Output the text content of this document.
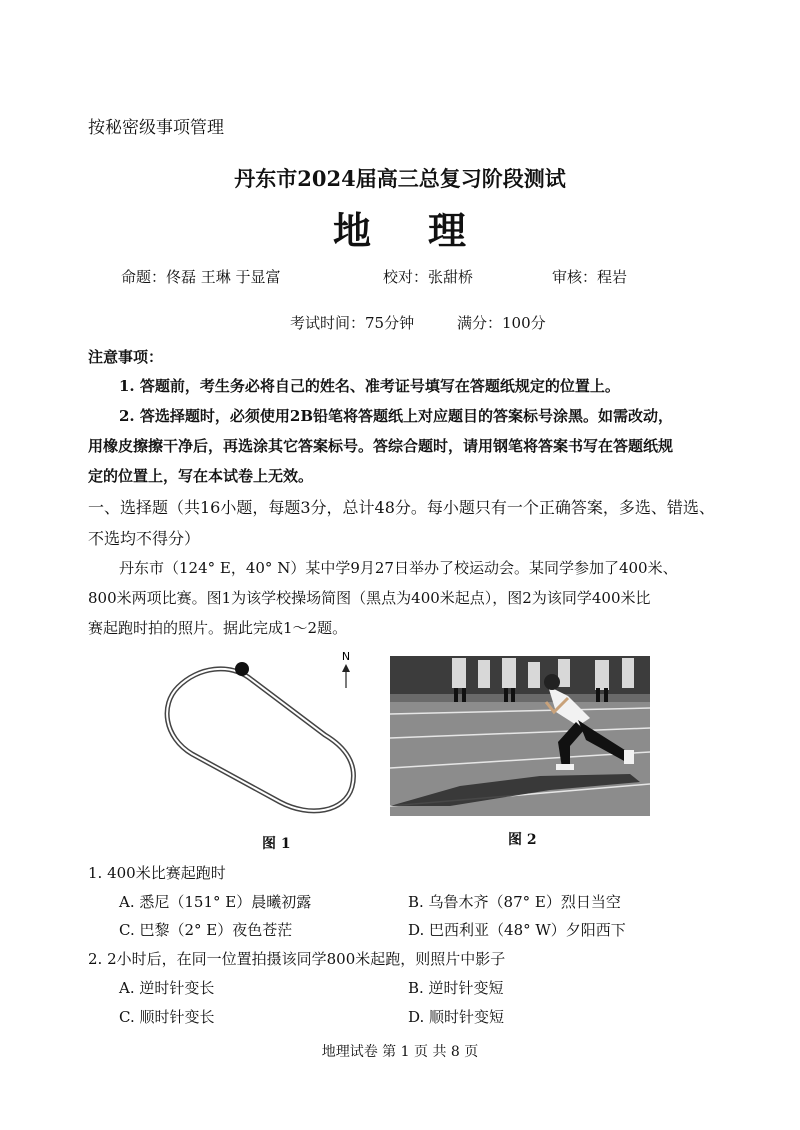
按秘密级事项管理
丹东市2024届高三总复习阶段测试
地 理
命题：佟磊 王琳 于显富	校对：张甜桥	审核：程岩
考试时间：75分钟	满分：100分
注意事项：
1. 答题前，考生务必将自己的姓名、准考证号填写在答题纸规定的位置上。
2. 答选择题时，必须使用2B铅笔将答题纸上对应题目的答案标号涂黑。如需改动，
用橡皮擦擦干净后，再选涂其它答案标号。答综合题时，请用钢笔将答案书写在答题纸规
定的位置上，写在本试卷上无效。
一、选择题（共16小题，每题3分，总计48分。每小题只有一个正确答案，多选、错选、
不选均不得分）
丹东市（124° E，40° N）某中学9月27日举办了校运动会。某同学参加了400米、
800米两项比赛。图1为该学校操场简图（黑点为400米起点），图2为该同学400米比
赛起跑时拍的照片。据此完成1～2题。
N
图 1	图 2
1. 400米比赛起跑时
A. 悉尼（151° E）晨曦初露	B. 乌鲁木齐（87° E）烈日当空
C. 巴黎（2° E）夜色苍茫	D. 巴西利亚（48° W）夕阳西下
2. 2小时后，在同一位置拍摄该同学800米起跑，则照片中影子
A. 逆时针变长	B. 逆时针变短
C. 顺时针变长	D. 顺时针变短
地理试卷 第 1 页 共 8 页
